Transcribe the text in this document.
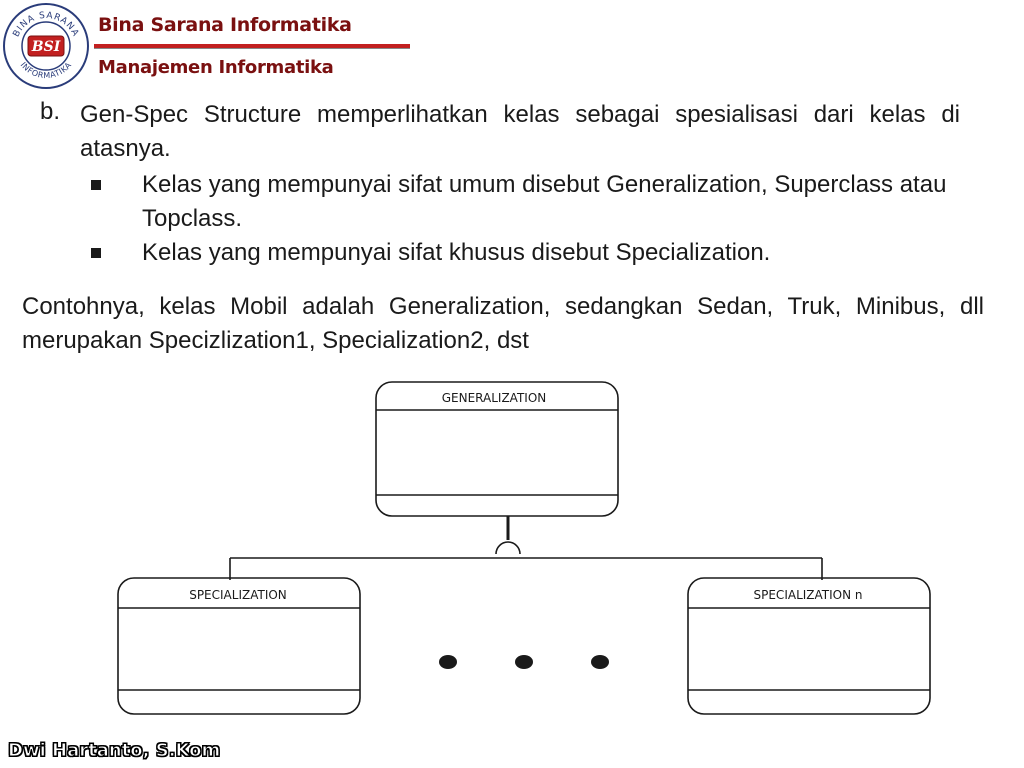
BINA SARANA
INFORMATIKA
BSI
Bina Sarana Informatika
Manajemen Informatika
b. Gen-Spec Structure memperlihatkan kelas sebagai spesialisasi dari kelas di atasnya.
Kelas yang mempunyai sifat umum disebut Generalization, Superclass atau Topclass.
Kelas yang mempunyai sifat khusus disebut Specialization.
Contohnya, kelas Mobil adalah Generalization, sedangkan Sedan, Truk, Minibus, dll merupakan Specizlization1, Specialization2, dst
GENERALIZATION
SPECIALIZATION	SPECIALIZATION n
Dwi Hartanto, S.Kom
